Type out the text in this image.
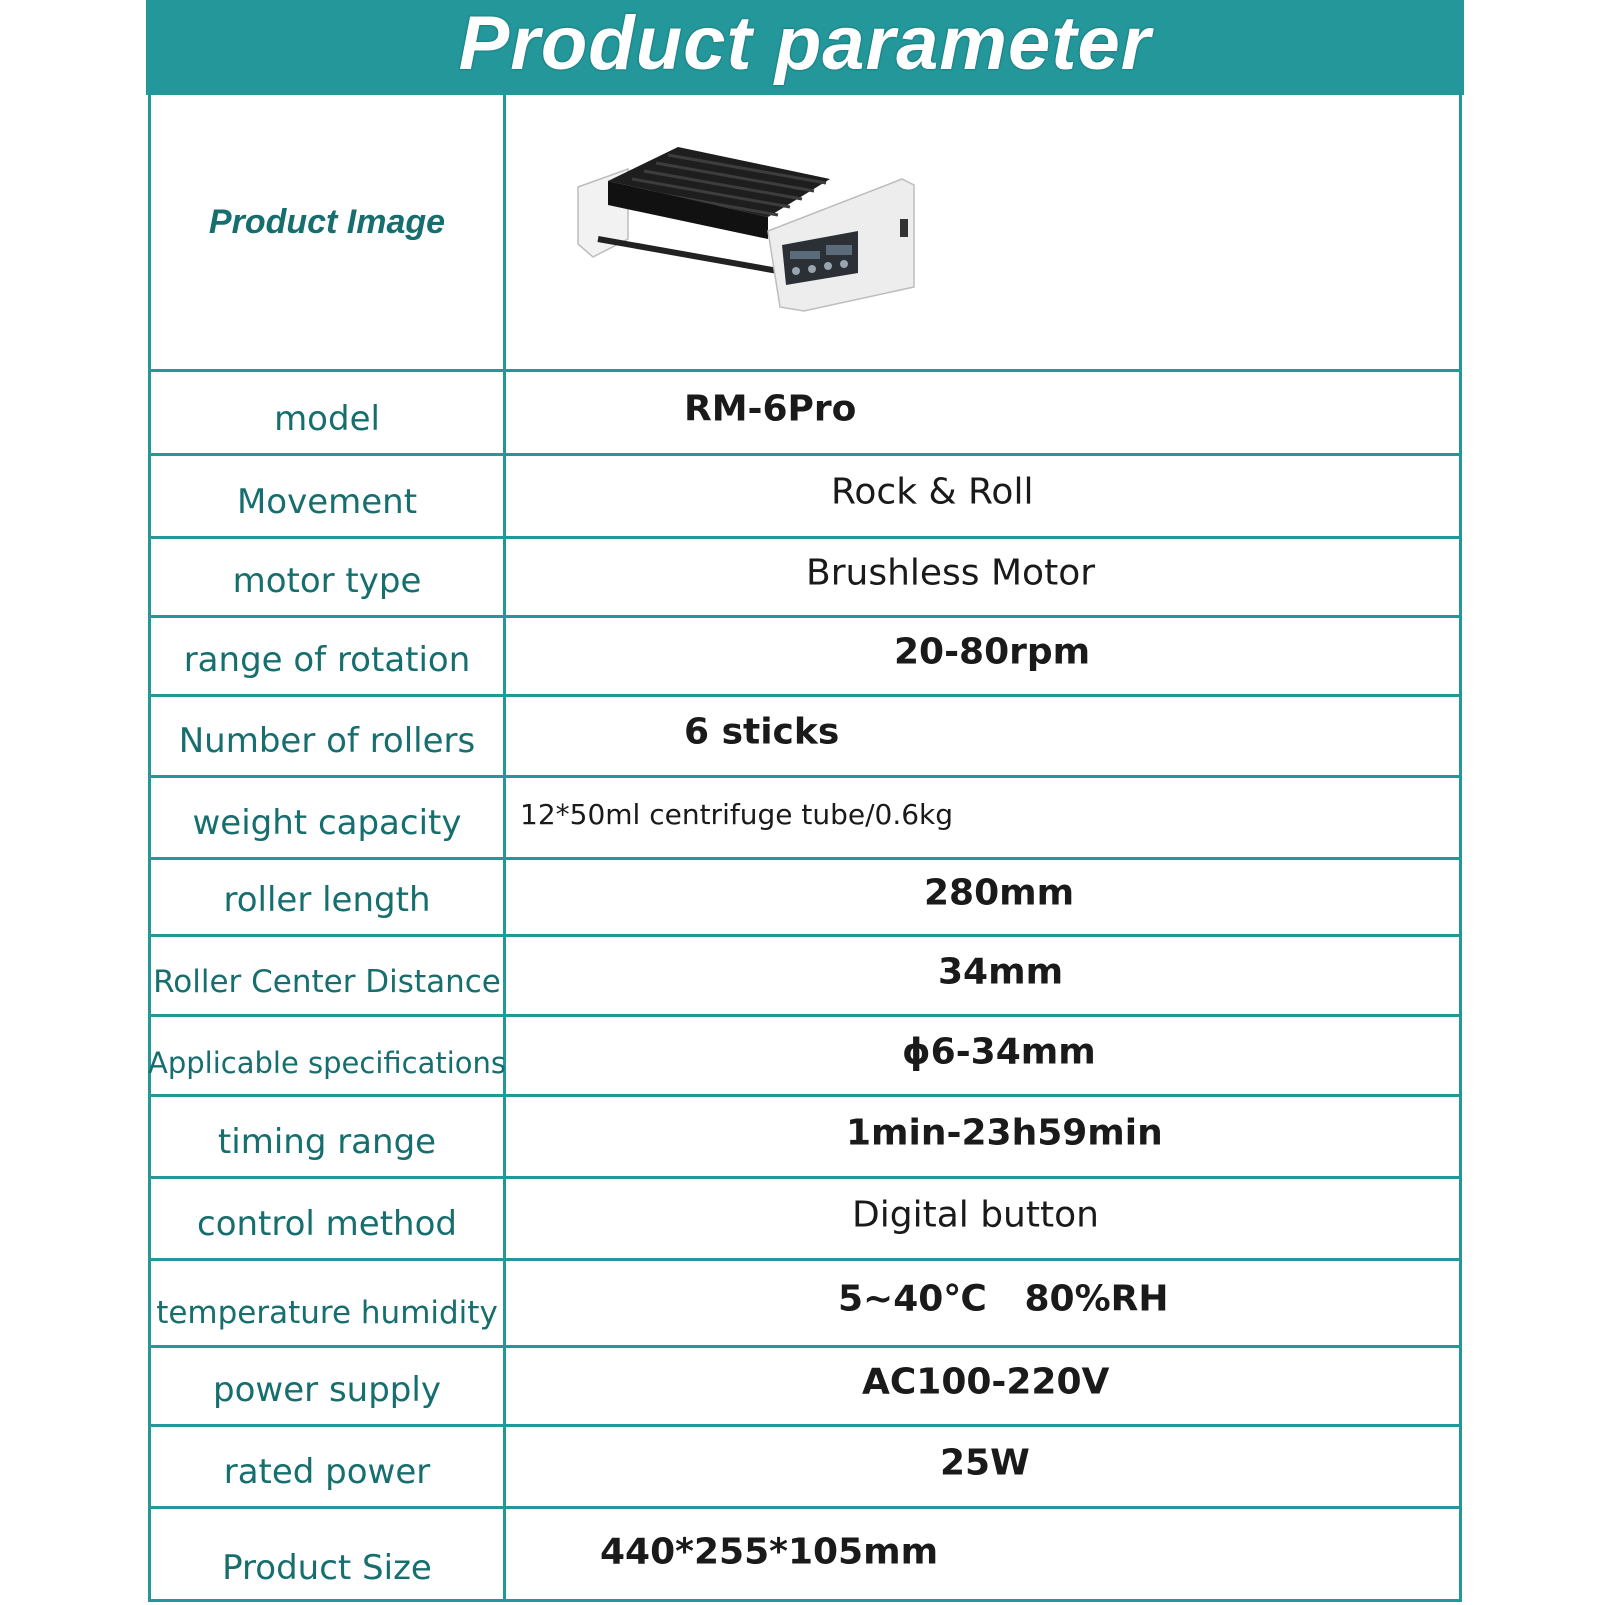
Product parameter
Product Image
model	RM-6Pro
Movement	Rock & Roll
motor type	Brushless Motor
range of rotation	20-80rpm
Number of rollers	6 sticks
weight capacity	12*50ml centrifuge tube/0.6kg
roller length	280mm
Roller Center Distance	34mm
Applicable specifications	ϕ6-34mm
timing range	1min-23h59min
control method	Digital button
temperature humidity	5~40℃   80%RH
power supply	AC100-220V
rated power	25W
Product Size	440*255*105mm
